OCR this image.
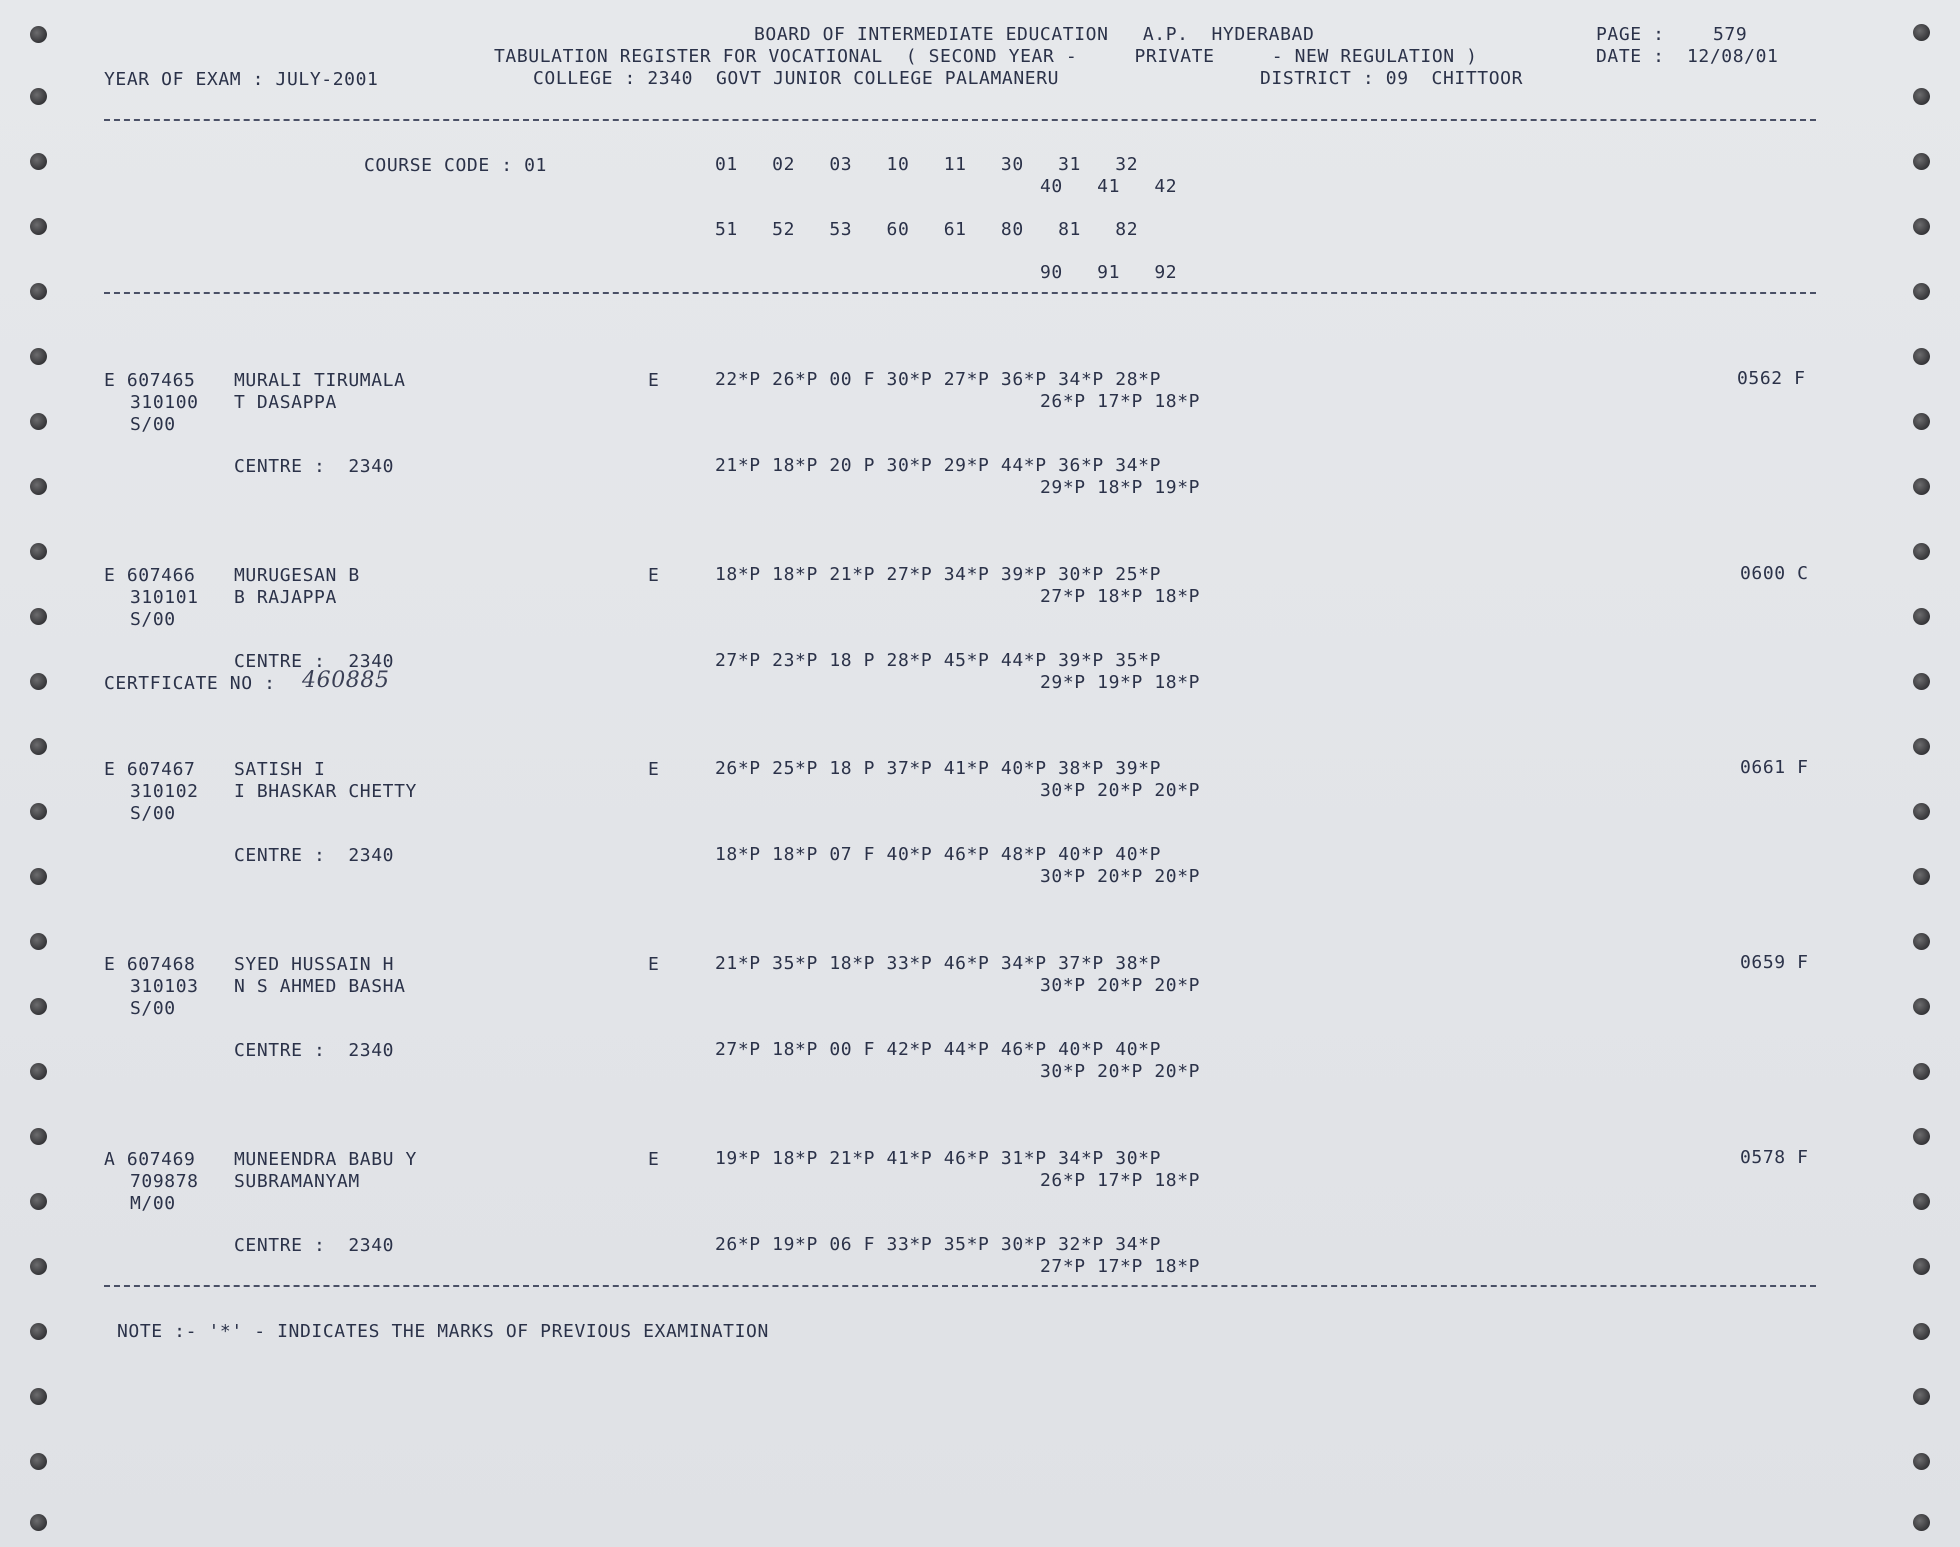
BOARD OF INTERMEDIATE EDUCATION   A.P.  HYDERABAD	PAGE :	579
TABULATION REGISTER FOR VOCATIONAL  ( SECOND YEAR -     PRIVATE     - NEW REGULATION )	DATE : 12/08/01
YEAR OF EXAM : JULY-2001	COLLEGE : 2340  GOVT JUNIOR COLLEGE PALAMANERU	DISTRICT : 09  CHITTOOR
COURSE CODE : 01	01   02   03   10   11   30   31   32
40   41   42
51   52   53   60   61   80   81   82
90   91   92
E 607465 MURALI TIRUMALA	E	22*P 26*P 00 F 30*P 27*P 36*P 34*P 28*P	0562 F
310100 T DASAPPA	26*P 17*P 18*P
S/00
CENTRE :  2340	21*P 18*P 20 P 30*P 29*P 44*P 36*P 34*P
29*P 18*P 19*P
E 607466 MURUGESAN B	E	18*P 18*P 21*P 27*P 34*P 39*P 30*P 25*P	0600 C
310101 B RAJAPPA	27*P 18*P 18*P
S/00
CENTRE :  2340	27*P 23*P 18 P 28*P 45*P 44*P 39*P 35*P
CERTFICATE NO : 460885	29*P 19*P 18*P
E 607467 SATISH I	E	26*P 25*P 18 P 37*P 41*P 40*P 38*P 39*P	0661 F
310102 I BHASKAR CHETTY	30*P 20*P 20*P
S/00
CENTRE :  2340	18*P 18*P 07 F 40*P 46*P 48*P 40*P 40*P
30*P 20*P 20*P
E 607468 SYED HUSSAIN H	E	21*P 35*P 18*P 33*P 46*P 34*P 37*P 38*P	0659 F
310103 N S AHMED BASHA	30*P 20*P 20*P
S/00
CENTRE :  2340	27*P 18*P 00 F 42*P 44*P 46*P 40*P 40*P
30*P 20*P 20*P
A 607469 MUNEENDRA BABU Y	E	19*P 18*P 21*P 41*P 46*P 31*P 34*P 30*P	0578 F
709878 SUBRAMANYAM	26*P 17*P 18*P
M/00
CENTRE :  2340	26*P 19*P 06 F 33*P 35*P 30*P 32*P 34*P
27*P 17*P 18*P
NOTE :- '*' - INDICATES THE MARKS OF PREVIOUS EXAMINATION
